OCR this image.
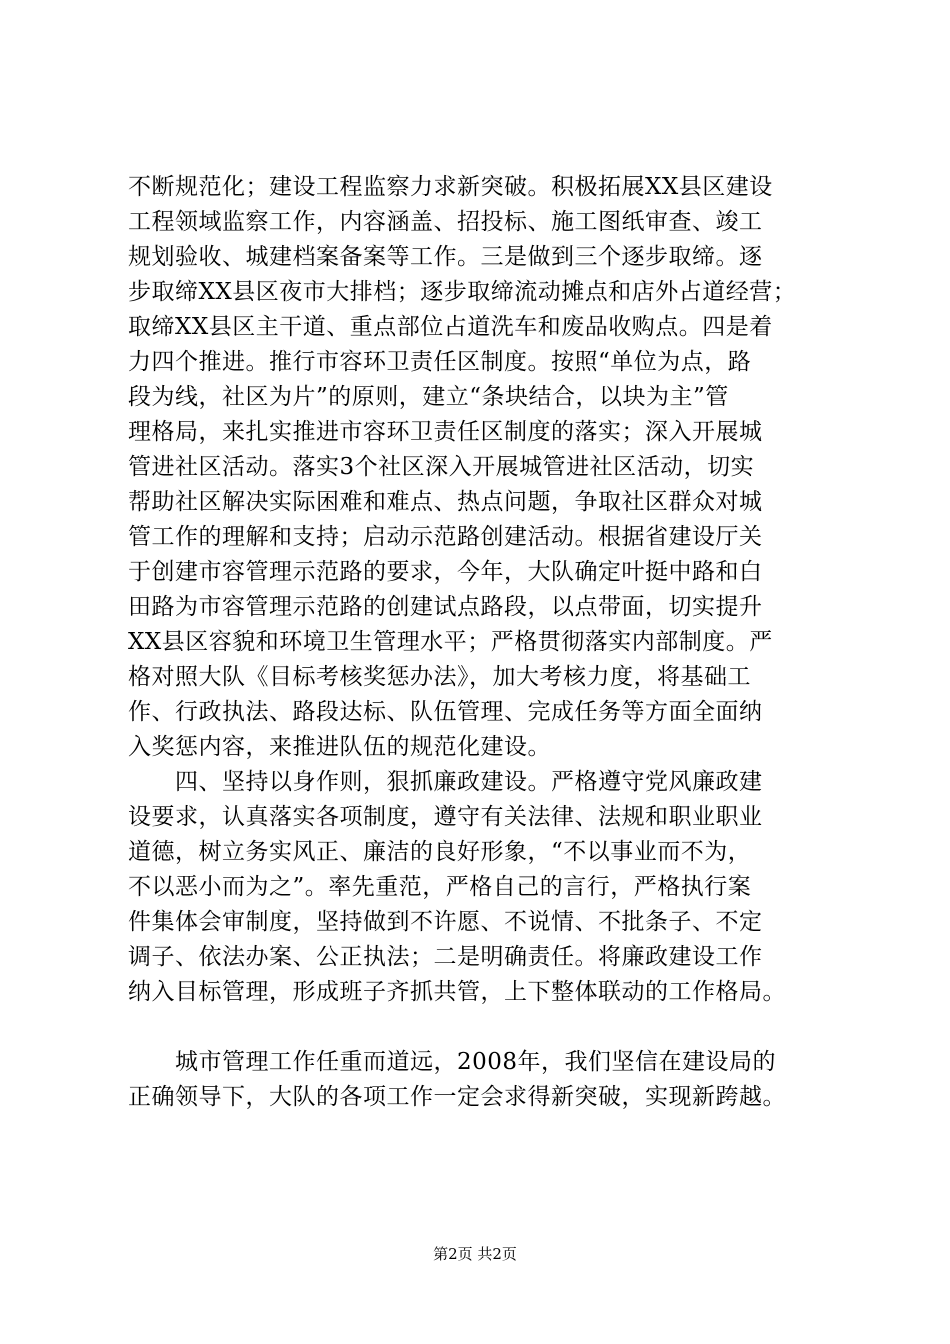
不断规范化；建设工程监察力求新突破。积极拓展XX县区建设
工程领域监察工作，内容涵盖、招投标、施工图纸审查、竣工
规划验收、城建档案备案等工作。三是做到三个逐步取缔。逐
步取缔XX县区夜市大排档；逐步取缔流动摊点和店外占道经营；
取缔XX县区主干道、重点部位占道洗车和废品收购点。四是着
力四个推进。推行市容环卫责任区制度。按照“单位为点，路
段为线，社区为片”的原则，建立“条块结合，以块为主”管
理格局，来扎实推进市容环卫责任区制度的落实；深入开展城
管进社区活动。落实3个社区深入开展城管进社区活动，切实
帮助社区解决实际困难和难点、热点问题，争取社区群众对城
管工作的理解和支持；启动示范路创建活动。根据省建设厅关
于创建市容管理示范路的要求，今年，大队确定叶挺中路和白
田路为市容管理示范路的创建试点路段，以点带面，切实提升
XX县区容貌和环境卫生管理水平；严格贯彻落实内部制度。严
格对照大队《目标考核奖惩办法》，加大考核力度，将基础工
作、行政执法、路段达标、队伍管理、完成任务等方面全面纳
入奖惩内容，来推进队伍的规范化建设。
　　四、坚持以身作则，狠抓廉政建设。严格遵守党风廉政建
设要求，认真落实各项制度，遵守有关法律、法规和职业职业
道德，树立务实风正、廉洁的良好形象，“不以事业而不为，
不以恶小而为之”。率先重范，严格自己的言行，严格执行案
件集体会审制度，坚持做到不许愿、不说情、不批条子、不定
调子、依法办案、公正执法；二是明确责任。将廉政建设工作
纳入目标管理，形成班子齐抓共管，上下整体联动的工作格局。
　　城市管理工作任重而道远，2008年，我们坚信在建设局的
正确领导下，大队的各项工作一定会求得新突破，实现新跨越。
第2页 共2页
